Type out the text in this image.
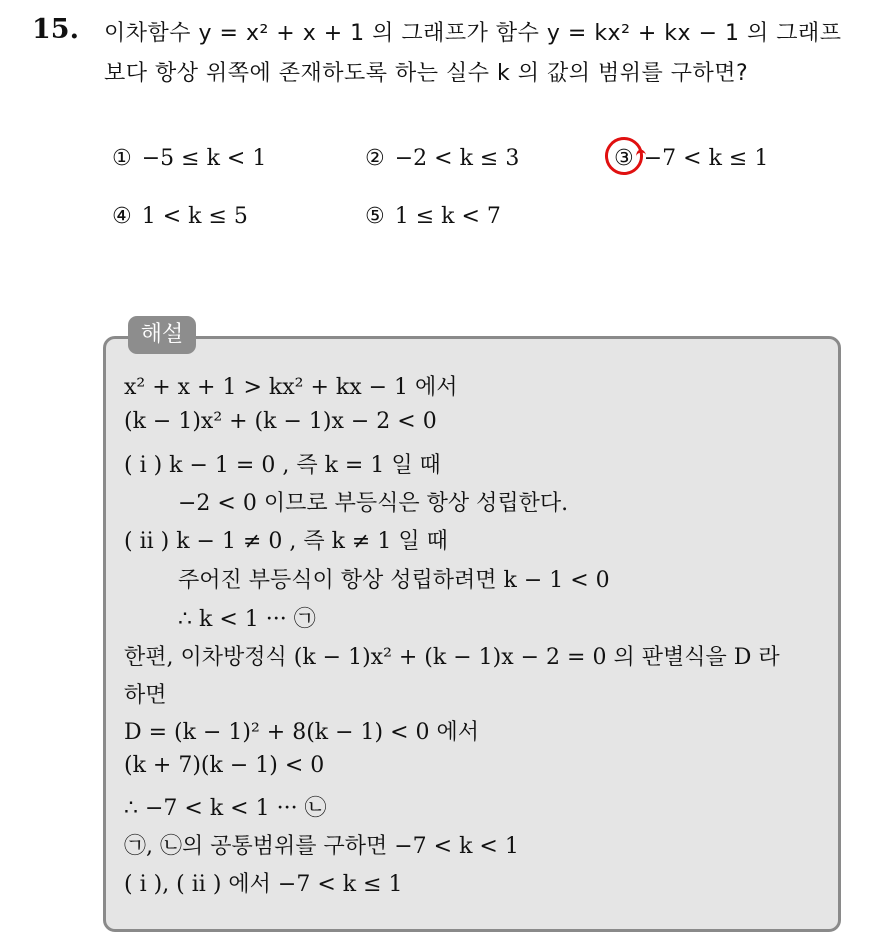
15. 이차함수 y = x² + x + 1 의 그래프가 함수 y = kx² + kx − 1 의 그래프
보다 항상 위쪽에 존재하도록 하는 실수 k 의 값의 범위를 구하면?
① −5 ≤ k < 1	② −2 < k ≤ 3	③ −7 < k ≤ 1
④ 1 < k ≤ 5	⑤ 1 ≤ k < 7
해설
x² + x + 1 > kx² + kx − 1 에서
(k − 1)x² + (k − 1)x − 2 < 0
( i ) k − 1 = 0 , 즉 k = 1 일 때
−2 < 0 이므로 부등식은 항상 성립한다.
( ii ) k − 1 ≠ 0 , 즉 k ≠ 1 일 때
주어진 부등식이 항상 성립하려면 k − 1 < 0
∴ k < 1 ··· ㉠
한편, 이차방정식 (k − 1)x² + (k − 1)x − 2 = 0 의 판별식을 D 라
하면
D = (k − 1)² + 8(k − 1) < 0 에서
(k + 7)(k − 1) < 0
∴ −7 < k < 1 ··· ㉡
㉠, ㉡의 공통범위를 구하면 −7 < k < 1
( i ), ( ii ) 에서 −7 < k ≤ 1
